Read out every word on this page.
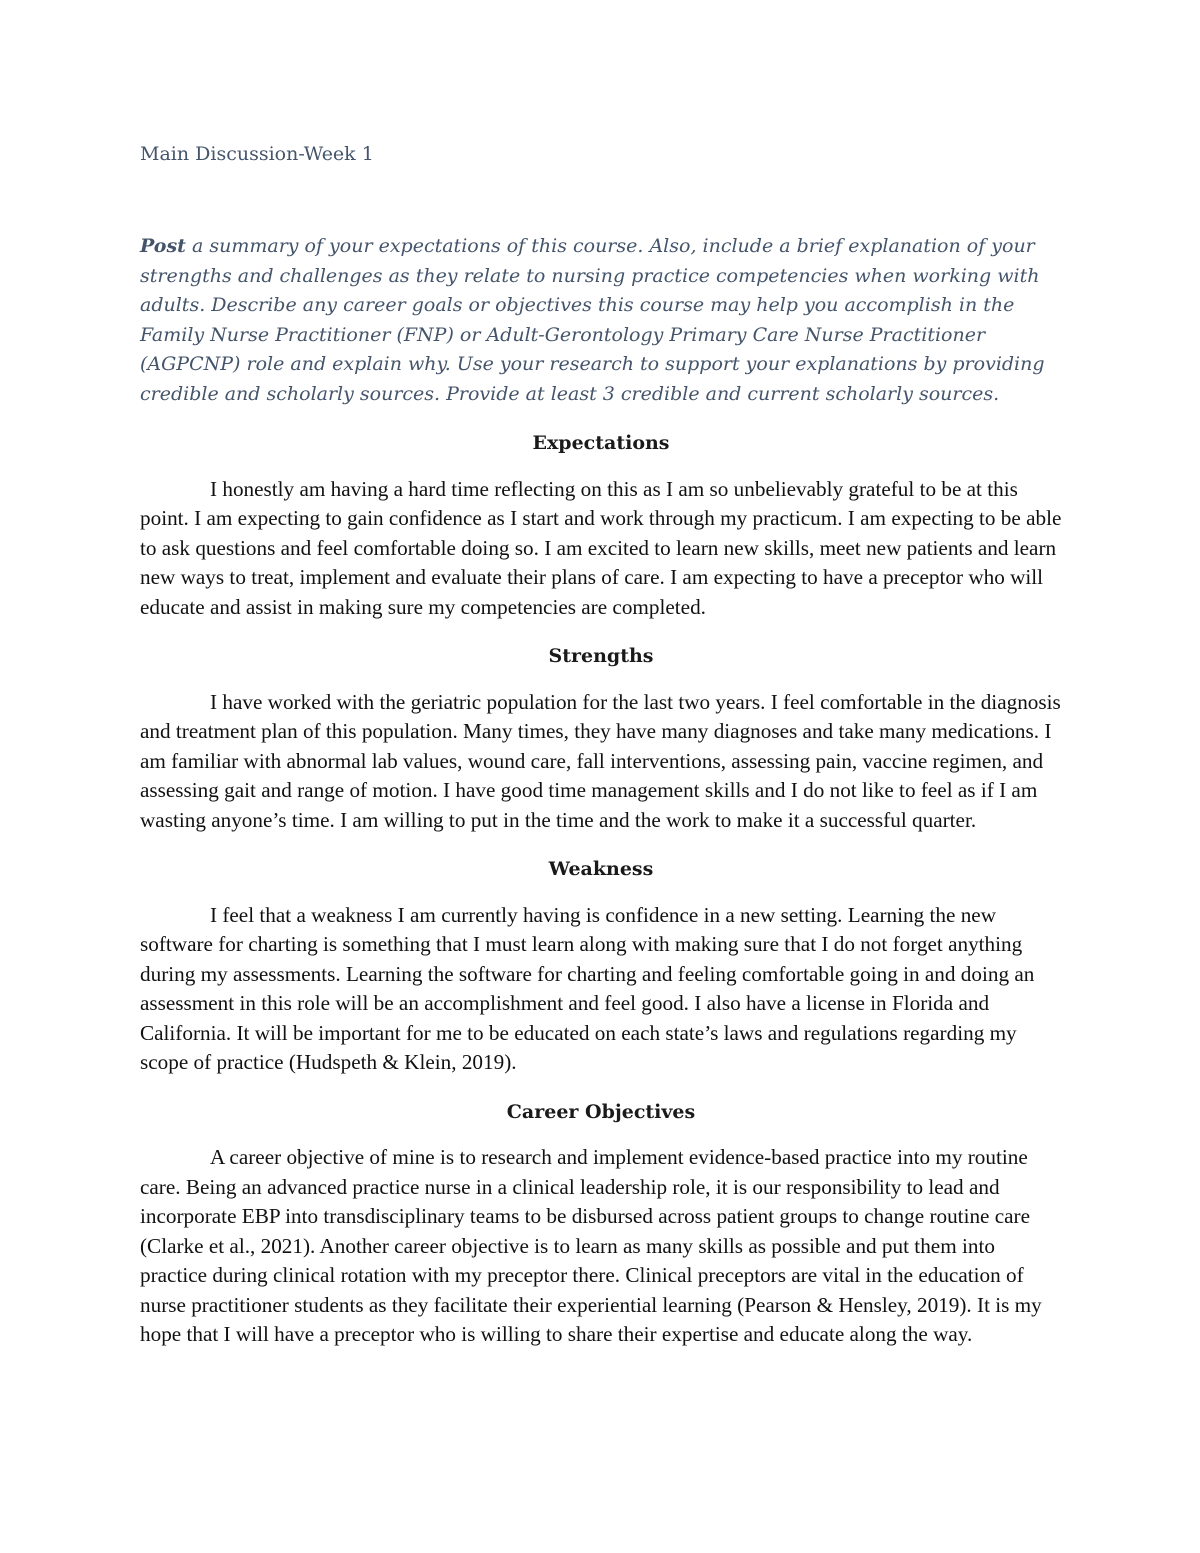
Main Discussion-Week 1

Post a summary of your expectations of this course. Also, include a brief explanation of your strengths and challenges as they relate to nursing practice competencies when working with adults. Describe any career goals or objectives this course may help you accomplish in the Family Nurse Practitioner (FNP) or Adult-Gerontology Primary Care Nurse Practitioner (AGPCNP) role and explain why. Use your research to support your explanations by providing credible and scholarly sources. Provide at least 3 credible and current scholarly sources.

Expectations

I honestly am having a hard time reflecting on this as I am so unbelievably grateful to be at this point. I am expecting to gain confidence as I start and work through my practicum. I am expecting to be able to ask questions and feel comfortable doing so. I am excited to learn new skills, meet new patients and learn new ways to treat, implement and evaluate their plans of care. I am expecting to have a preceptor who will educate and assist in making sure my competencies are completed.

Strengths

I have worked with the geriatric population for the last two years. I feel comfortable in the diagnosis and treatment plan of this population. Many times, they have many diagnoses and take many medications. I am familiar with abnormal lab values, wound care, fall interventions, assessing pain, vaccine regimen, and assessing gait and range of motion. I have good time management skills and I do not like to feel as if I am wasting anyone’s time. I am willing to put in the time and the work to make it a successful quarter.

Weakness

I feel that a weakness I am currently having is confidence in a new setting. Learning the new software for charting is something that I must learn along with making sure that I do not forget anything during my assessments. Learning the software for charting and feeling comfortable going in and doing an assessment in this role will be an accomplishment and feel good. I also have a license in Florida and California. It will be important for me to be educated on each state’s laws and regulations regarding my scope of practice (Hudspeth & Klein, 2019).

Career Objectives

A career objective of mine is to research and implement evidence-based practice into my routine care. Being an advanced practice nurse in a clinical leadership role, it is our responsibility to lead and incorporate EBP into transdisciplinary teams to be disbursed across patient groups to change routine care (Clarke et al., 2021). Another career objective is to learn as many skills as possible and put them into practice during clinical rotation with my preceptor there. Clinical preceptors are vital in the education of nurse practitioner students as they facilitate their experiential learning (Pearson & Hensley, 2019). It is my hope that I will have a preceptor who is willing to share their expertise and educate along the way.
